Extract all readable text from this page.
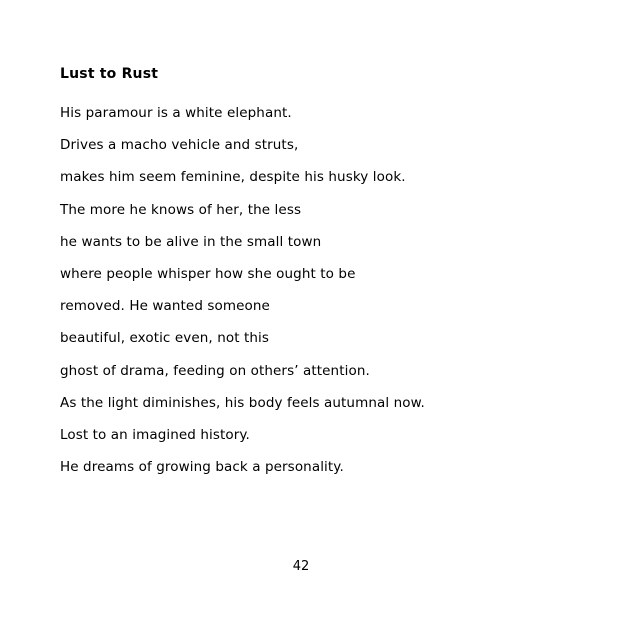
Lust to Rust
His paramour is a white elephant.
Drives a macho vehicle and struts,
makes him seem feminine, despite his husky look.
The more he knows of her, the less
he wants to be alive in the small town
where people whisper how she ought to be
removed. He wanted someone
beautiful, exotic even, not this
ghost of drama, feeding on others’ attention.
As the light diminishes, his body feels autumnal now.
Lost to an imagined history.
He dreams of growing back a personality.
42
